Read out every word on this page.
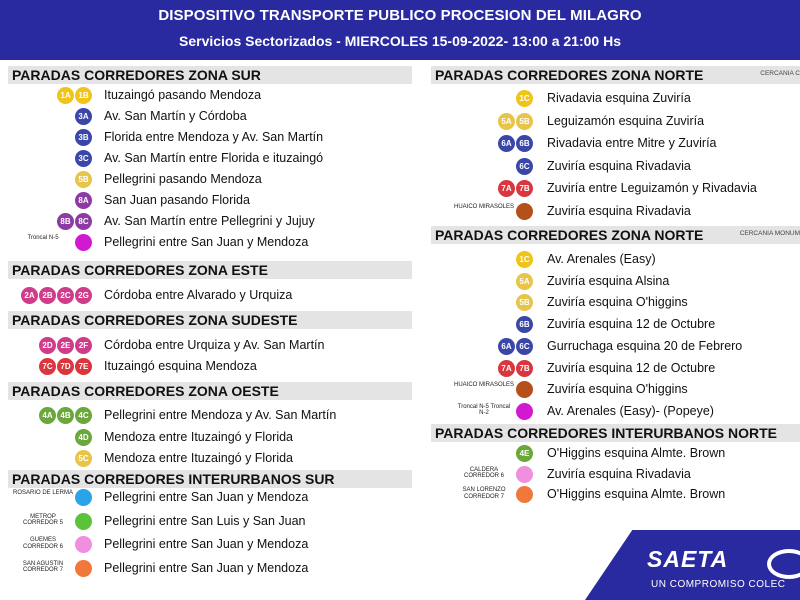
DISPOSITIVO TRANSPORTE PUBLICO PROCESION DEL MILAGRO
Servicios Sectorizados - MIERCOLES 15-09-2022- 13:00 a 21:00 Hs
PARADAS CORREDORES ZONA SUR
1A 1B Ituzaingó pasando Mendoza
3A Av. San Martín y Córdoba
3B Florida entre Mendoza y Av. San Martín
3C Av. San Martín entre Florida e ituzaingó
5B Pellegrini pasando Mendoza
8A San Juan pasando Florida
8B 8C Av. San Martín entre Pellegrini y Jujuy
Troncal N-5	Pellegrini entre San Juan y Mendoza
PARADAS CORREDORES ZONA ESTE
2A 2B 2C 2G Córdoba entre Alvarado y Urquiza
PARADAS CORREDORES ZONA SUDESTE
2D 2E	2F	Córdoba entre Urquiza y Av. San Martín
7C 7D 7E Ituzaingó esquina Mendoza
PARADAS CORREDORES ZONA OESTE
4A 4B 4C Pellegrini entre Mendoza y Av. San Martín
4D Mendoza entre Ituzaingó y Florida
5C Mendoza entre Ituzaingó y Florida
PARADAS CORREDORES INTERURBANOS SUR
ROSARIO DE LERMA Pellegrini entre San Juan y Mendoza
METROP CORREDOR 5	Pellegrini entre San Luis y San Juan
GUEMES CORREDOR 6	Pellegrini entre San Juan y Mendoza
SAN AGUSTIN CORREDOR 7	Pellegrini entre San Juan y Mendoza
PARADAS CORREDORES ZONA NORTE	CERCANIA C
1C Rivadavia esquina Zuviría
5A 5B Leguizamón esquina Zuviría
6A 6B Rivadavia entre Mitre y Zuviría
6C Zuviría esquina Rivadavia
7A 7B Zuviría entre Leguizamón y Rivadavia
HUAICO MIRASOLES	Zuviría esquina Rivadavia
PARADAS CORREDORES ZONA NORTE	CERCANIA MONUM
1C Av. Arenales (Easy)
5A Zuviría esquina Alsina
5B Zuviría esquina O'higgins
6B Zuviría esquina 12 de Octubre
6A 6C Gurruchaga esquina 20 de Febrero
7A 7B Zuviría esquina 12 de Octubre
HUAICO MIRASOLES	Zuviría esquina O'higgins
Troncal N-5 Troncal N-2	Av. Arenales (Easy)- (Popeye)
PARADAS CORREDORES INTERURBANOS NORTE
4E O'Higgins esquina Almte. Brown
CALDERA CORREDOR 6	Zuviría esquina Rivadavia
SAN LORENZO CORREDOR 7	O'Higgins esquina Almte. Brown
SAETA
UN COMPROMISO COLEC
